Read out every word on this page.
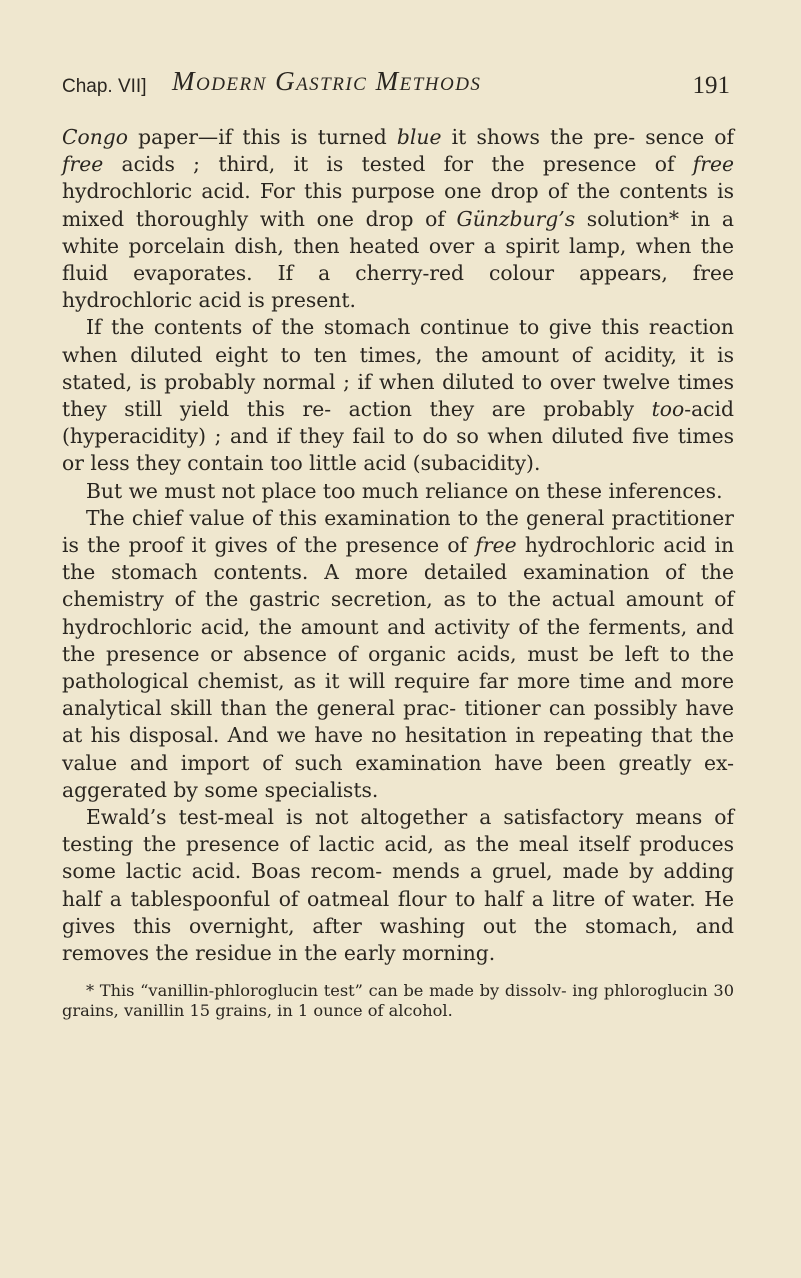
Chap. VII] Modern Gastric Methods	191

Congo paper—if this is turned blue it shows the pre- sence of free acids ; third, it is tested for the presence of free hydrochloric acid. For this purpose one drop of the contents is mixed thoroughly with one drop of Günzburg’s solution* in a white porcelain dish, then heated over a spirit lamp, when the fluid evaporates. If a cherry-red colour appears, free hydrochloric acid is present.

If the contents of the stomach continue to give this reaction when diluted eight to ten times, the amount of acidity, it is stated, is probably normal ; if when diluted to over twelve times they still yield this re- action they are probably too-acid (hyperacidity) ; and if they fail to do so when diluted five times or less they contain too little acid (subacidity).

But we must not place too much reliance on these inferences.

The chief value of this examination to the general practitioner is the proof it gives of the presence of free hydrochloric acid in the stomach contents. A more detailed examination of the chemistry of the gastric secretion, as to the actual amount of hydrochloric acid, the amount and activity of the ferments, and the presence or absence of organic acids, must be left to the pathological chemist, as it will require far more time and more analytical skill than the general prac- titioner can possibly have at his disposal. And we have no hesitation in repeating that the value and import of such examination have been greatly ex- aggerated by some specialists.

Ewald’s test-meal is not altogether a satisfactory means of testing the presence of lactic acid, as the meal itself produces some lactic acid. Boas recom- mends a gruel, made by adding half a tablespoonful of oatmeal flour to half a litre of water. He gives this overnight, after washing out the stomach, and removes the residue in the early morning.

* This “vanillin-phloroglucin test” can be made by dissolv- ing phloroglucin 30 grains, vanillin 15 grains, in 1 ounce of alcohol.
